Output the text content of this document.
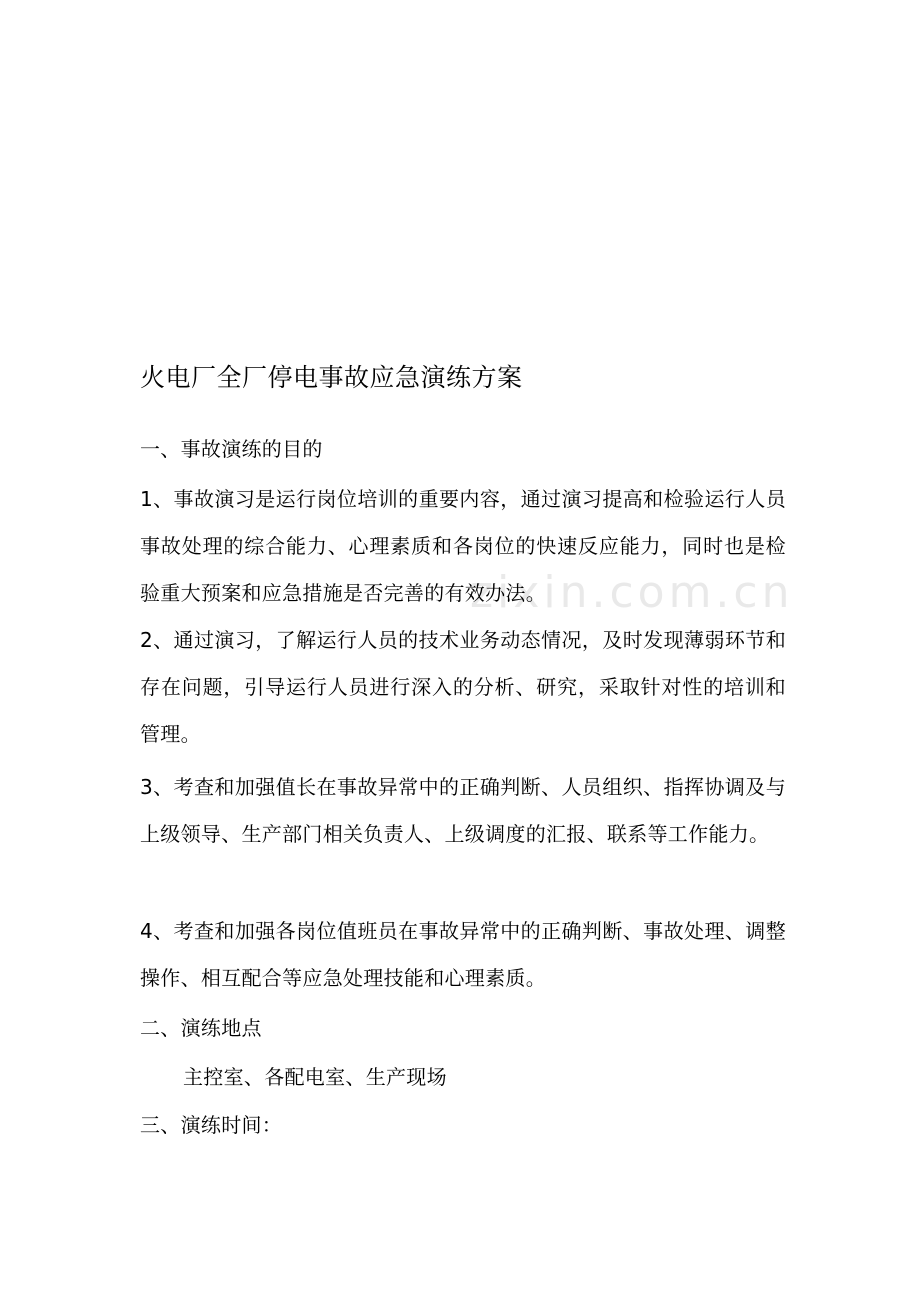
zixin.com.cn
火电厂全厂停电事故应急演练方案
一、事故演练的目的
1、事故演习是运行岗位培训的重要内容，通过演习提高和检验运行人员事故处理的综合能力、心理素质和各岗位的快速反应能力，同时也是检验重大预案和应急措施是否完善的有效办法。
2、通过演习，了解运行人员的技术业务动态情况，及时发现薄弱环节和存在问题，引导运行人员进行深入的分析、研究，采取针对性的培训和管理。
3、考查和加强值长在事故异常中的正确判断、人员组织、指挥协调及与上级领导、生产部门相关负责人、上级调度的汇报、联系等工作能力。
4、考查和加强各岗位值班员在事故异常中的正确判断、事故处理、调整操作、相互配合等应急处理技能和心理素质。
二、演练地点
主控室、各配电室、生产现场
三、演练时间：
